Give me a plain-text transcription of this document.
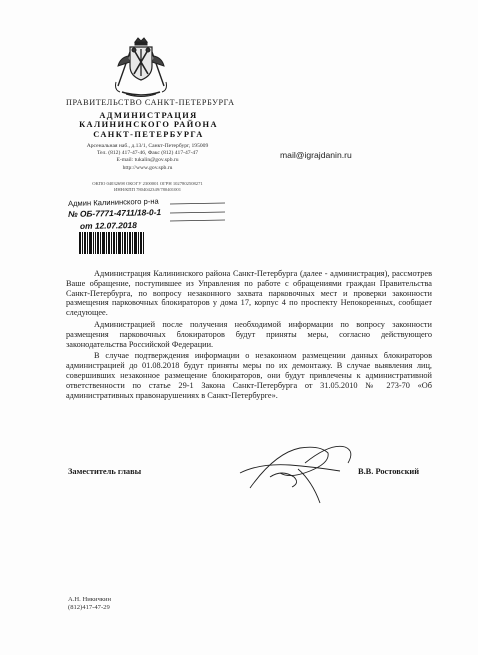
ПРАВИТЕЛЬСТВО САНКТ-ПЕТЕРБУРГА
АДМИНИСТРАЦИЯ
КАЛИНИНСКОГО РАЙОНА
САНКТ-ПЕТЕРБУРГА
Арсенальная наб., д.13/1, Санкт-Петербург, 195009
Тел. (812) 417-47-46, Факс (812) 417-47-47
E-mail: tukalin@gov.spb.ru
http://www.gov.spb.ru
ОКПО 04032698 ОКОГУ 2300001 ОГРН 1027802508271
ИНН/КПП 7804042349/780401001
mail@igrajdanin.ru
Админ Калининского р-на
№ ОБ-7771-4711/18-0-1
от 12.07.2018

Администрация Калининского района Санкт-Петербурга (далее - администрация), рассмотрев Ваше обращение, поступившее из Управления по работе с обращениями граждан Правительства Санкт-Петербурга, по вопросу незаконного захвата парковочных мест и проверки законности размещения парковочных блокираторов у дома 17, корпус 4 по проспекту Непокоренных, сообщает следующее.

Администрацией после получения необходимой информации по вопросу законности размещения парковочных блокираторов будут приняты меры, согласно действующего законодательства Российской Федерации.

В случае подтверждения информации о незаконном размещении данных блокираторов администрацией до 01.08.2018 будут приняты меры по их демонтажу. В случае выявления лиц, совершивших незаконное размещение блокираторов, они будут привлечены к административной ответственности по статье 29-1 Закона Санкт-Петербурга от 31.05.2010 № 273-70 «Об административных правонарушениях в Санкт-Петербурге».

Заместитель главы	В.В. Ростовский
А.Н. Никичкин
(812)417-47-29
